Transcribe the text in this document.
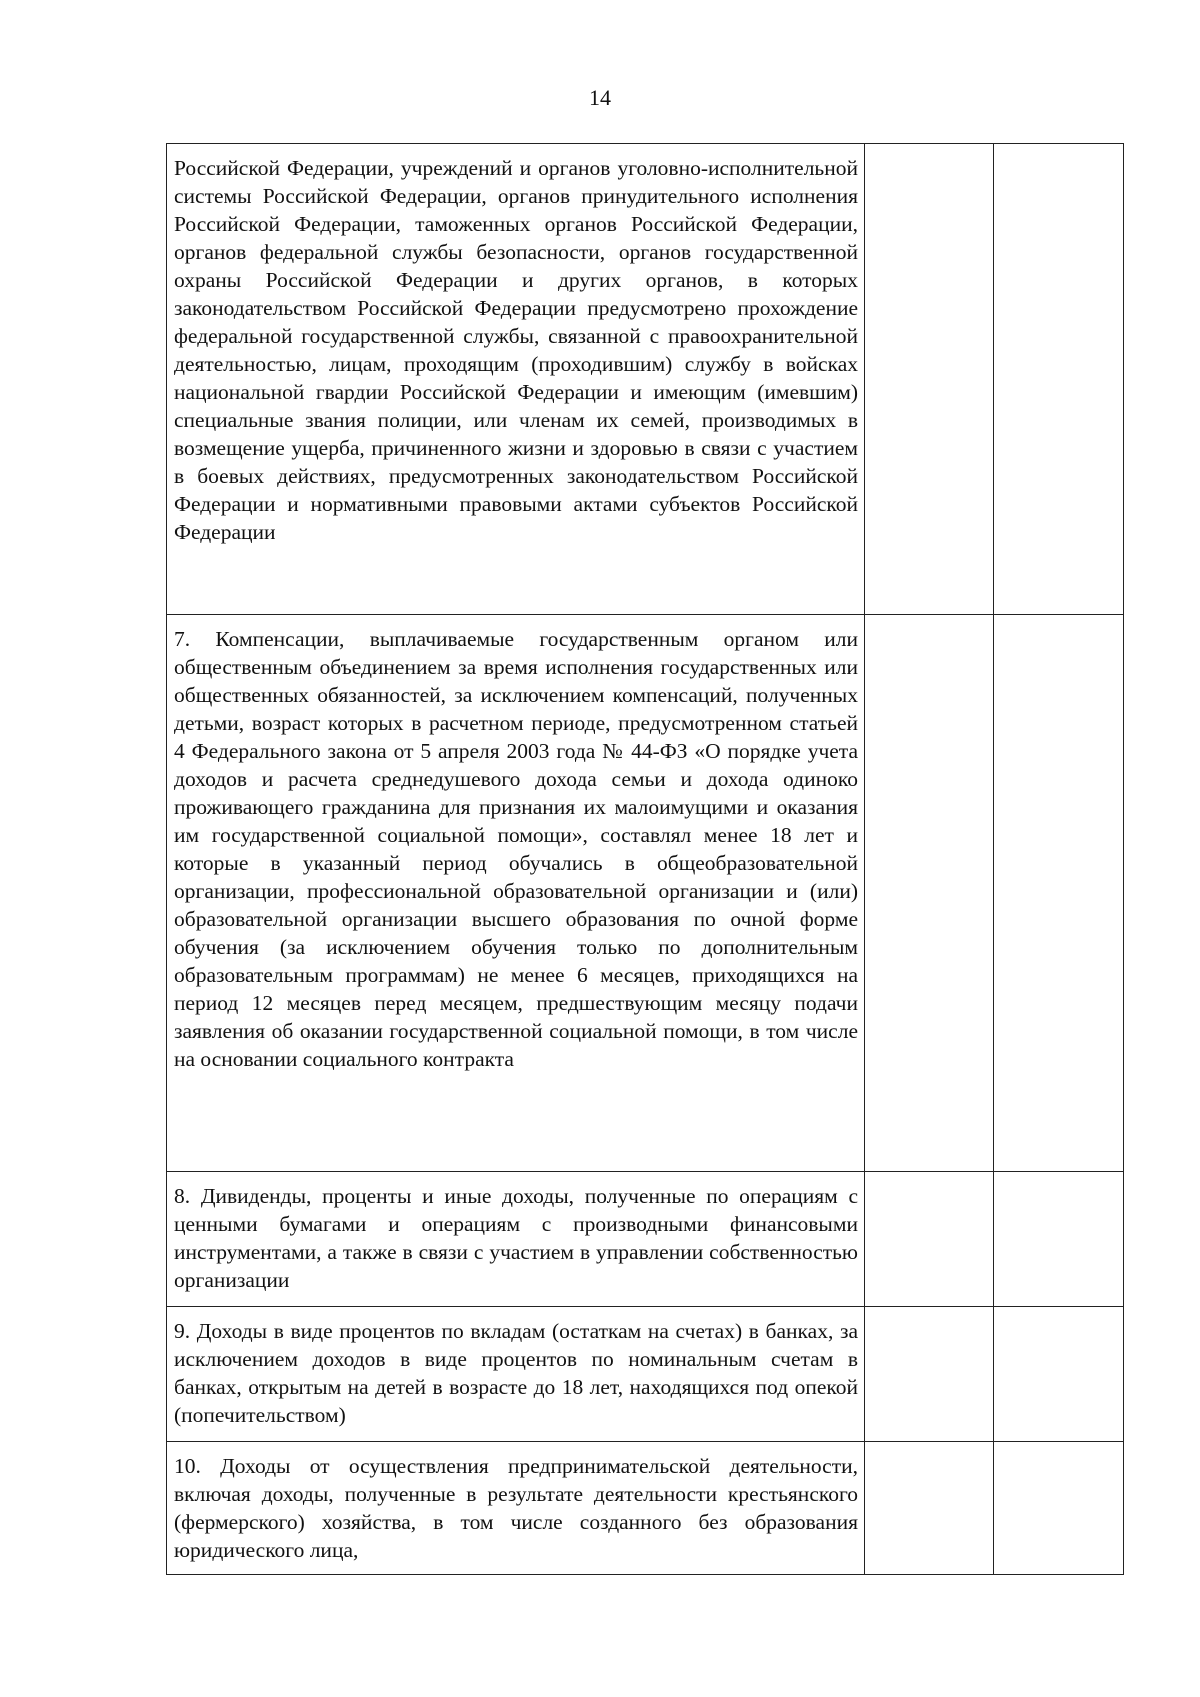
14
Российской Федерации, учреждений и органов уголовно-исполнительной системы Российской Федерации, органов принудительного исполнения Российской Федерации, таможенных органов Российской Федерации, органов федеральной службы безопасности, органов государственной охраны Российской Федерации и других органов, в которых законодательством Российской Федерации предусмотрено прохождение федеральной государственной службы, связанной с правоохранительной деятельностью, лицам, проходящим (проходившим) службу в войсках национальной гвардии Российской Федерации и имеющим (имевшим) специальные звания полиции, или членам их семей, производимых в возмещение ущерба, причиненного жизни и здоровью в связи с участием в боевых действиях, предусмотренных законодательством Российской Федерации и нормативными правовыми актами субъектов Российской Федерации		

7. Компенсации, выплачиваемые государственным органом или общественным объединением за время исполнения государственных или общественных обязанностей, за исключением компенсаций, полученных детьми, возраст которых в расчетном периоде, предусмотренном статьей 4 Федерального закона от 5 апреля 2003 года № 44-ФЗ «О порядке учета доходов и расчета среднедушевого дохода семьи и дохода одиноко проживающего гражданина для признания их малоимущими и оказания им государственной социальной помощи», составлял менее 18 лет и которые в указанный период обучались в общеобразовательной организации, профессиональной образовательной организации и (или) образовательной организации высшего образования по очной форме обучения (за исключением обучения только по дополнительным образовательным программам) не менее 6 месяцев, приходящихся на период 12 месяцев перед месяцем, предшествующим месяцу подачи заявления об оказании государственной социальной помощи, в том числе на основании социального контракта		

8. Дивиденды, проценты и иные доходы, полученные по операциям с ценными бумагами и операциям с производными финансовыми инструментами, а также в связи с участием в управлении собственностью организации		

9. Доходы в виде процентов по вкладам (остаткам на счетах) в банках, за исключением доходов в виде процентов по номинальным счетам в банках, открытым на детей в возрасте до 18 лет, находящихся под опекой (попечительством)		

10. Доходы от осуществления предпринимательской деятельности, включая доходы, полученные в результате деятельности крестьянского (фермерского) хозяйства, в том числе созданного без образования юридического лица,		
